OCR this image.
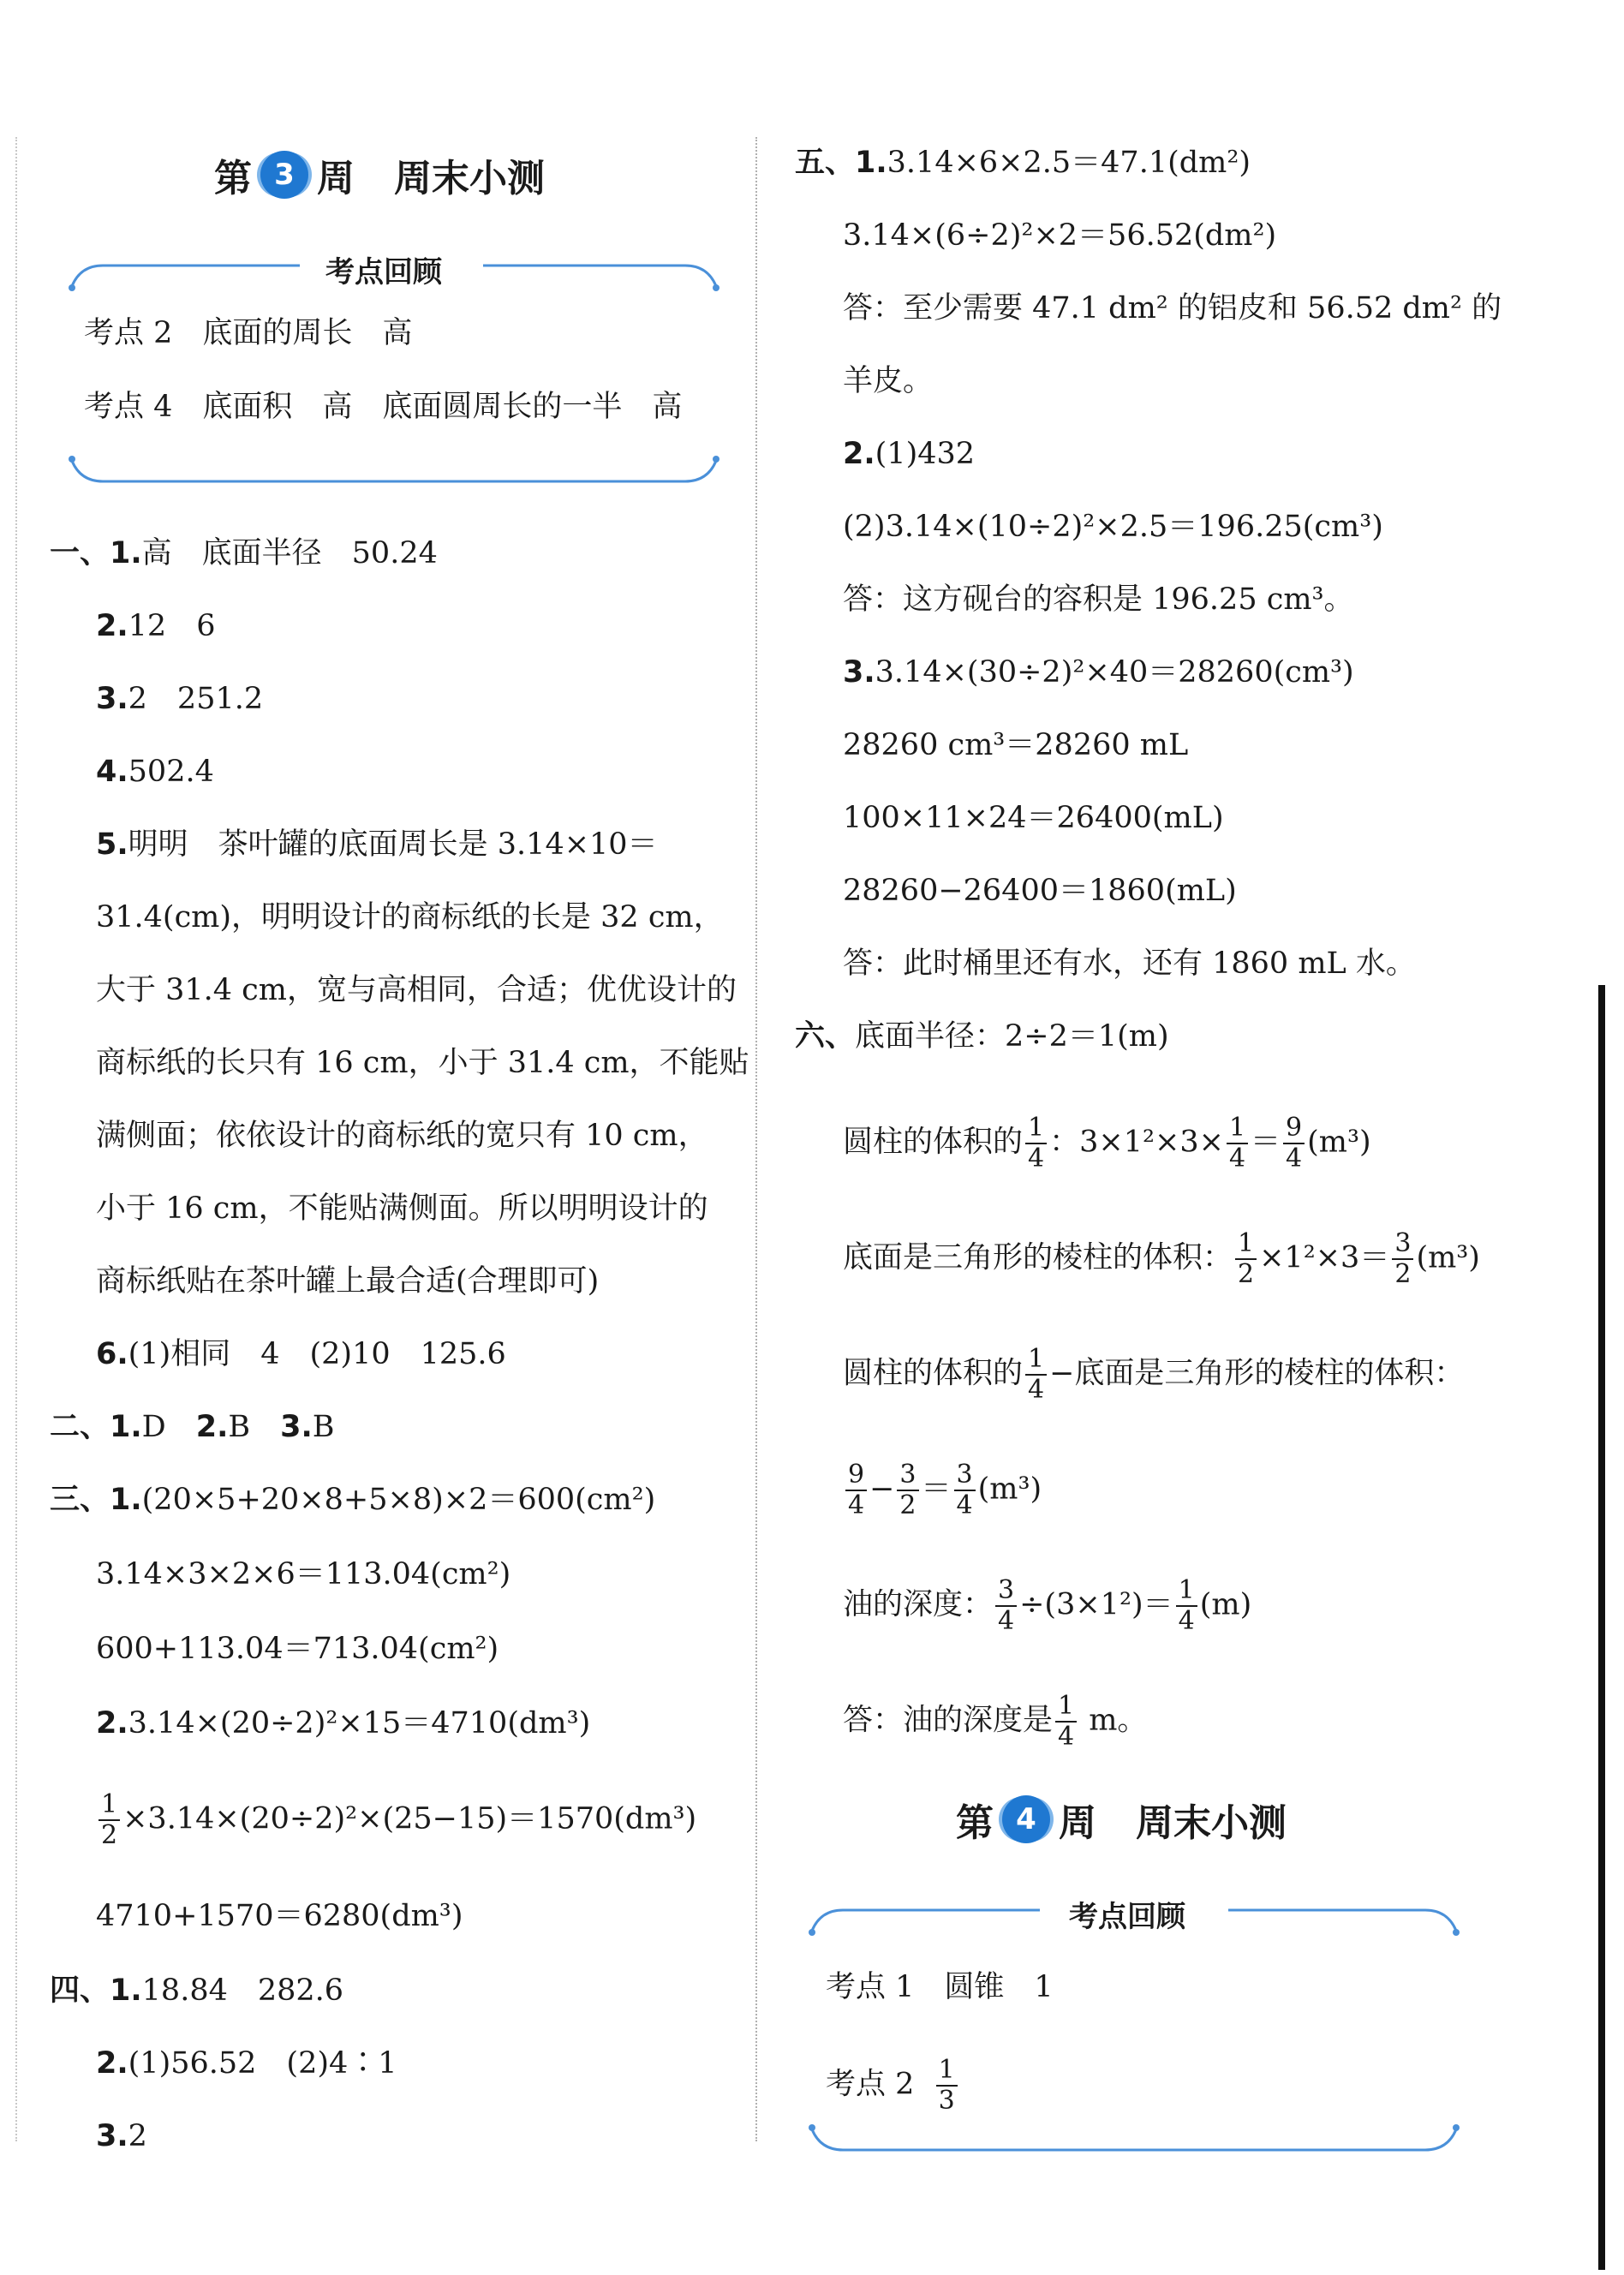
第 3 周 周末小测
考点回顾
考点 2　底面的周长　高
考点 4　底面积　高　底面圆周长的一半　高
一、1.高　底面半径　50.24
2.12　6
3.2　251.2
4.502.4
5.明明　茶叶罐的底面周长是 3.14×10＝
31.4(cm)，明明设计的商标纸的长是 32 cm，
大于 31.4 cm，宽与高相同，合适；优优设计的
商标纸的长只有 16 cm，小于 31.4 cm，不能贴
满侧面；依依设计的商标纸的宽只有 10 cm，
小于 16 cm，不能贴满侧面。所以明明设计的
商标纸贴在茶叶罐上最合适(合理即可)
6.(1)相同　4　(2)10　125.6
二、1.D　2.B　3.B
三、1.(20×5+20×8+5×8)×2＝600(cm²)
3.14×3×2×6＝113.04(cm²)
600+113.04＝713.04(cm²)
2.3.14×(20÷2)²×15＝4710(dm³)
$\frac{1}{2} \times 3.14\times(20\div 2)^2\times(25-15)=1570(dm^3)$
4710+1570＝6280(dm³)
四、1.18.84　282.6
2.(1)56.52　(2)4∶1
3.2
五、1.3.14×6×2.5＝47.1(dm²)
3.14×(6÷2)²×2＝56.52(dm²)
答：至少需要 47.1 dm² 的铝皮和 56.52 dm² 的
羊皮。
2.(1)432
(2)3.14×(10÷2)²×2.5＝196.25(cm³)
答：这方砚台的容积是 196.25 cm³。
3.3.14×(30÷2)²×40＝28260(cm³)
28260 cm³＝28260 mL
100×11×24＝26400(mL)
28260−26400＝1860(mL)
答：此时桶里还有水，还有 1860 mL 水。
六、底面半径：2÷2＝1(m)
圆柱的体积的 $\frac{1}{4}$ ：$3\times 1^2\times 3\times \frac{1}{4} = \frac{9}{4} (m^3)$
底面是三角形的棱柱的体积： $\frac{1}{2} \times 1^2\times 3= \frac{3}{2} (m^3)$
圆柱的体积的 $\frac{1}{4}$ −底面是三角形的棱柱的体积：
$\frac{9}{4} - \frac{3}{2} = \frac{3}{4} (m^3)$
油的深度： $\frac{3}{4} \div(3\times 1^2)= \frac{1}{4} (m)$
答：油的深度是 $\frac{1}{4}$ m。
第 4 周 周末小测
考点回顾
考点 1　圆锥　1
考点 $2 \frac{1}{3}$
